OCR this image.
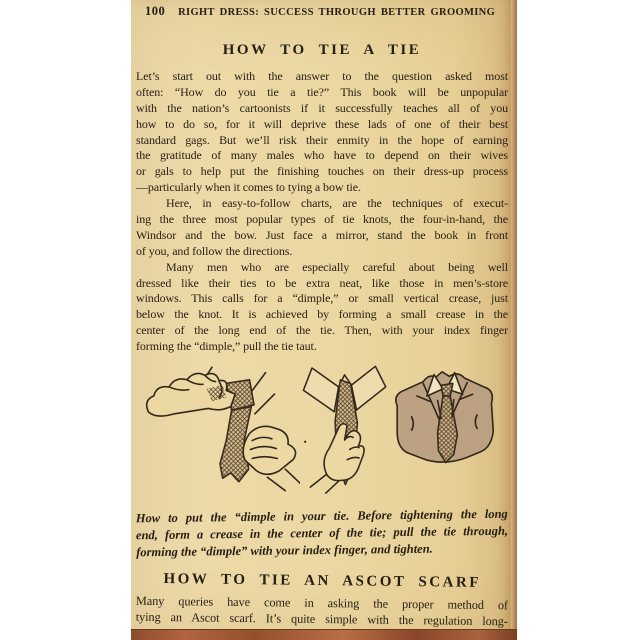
100	RIGHT DRESS: SUCCESS THROUGH BETTER GROOMING
HOW TO TIE A TIE
Let’s start out with the answer to the question asked most
often: “How do you tie a tie?” This book will be unpopular
with the nation’s cartoonists if it successfully teaches all of you
how to do so, for it will deprive these lads of one of their best
standard gags. But we’ll risk their enmity in the hope of earning
the gratitude of many males who have to depend on their wives
or gals to help put the finishing touches on their dress-up process
—particularly when it comes to tying a bow tie.
Here, in easy-to-follow charts, are the techniques of execut-
ing the three most popular types of tie knots, the four-in-hand, the
Windsor and the bow. Just face a mirror, stand the book in front
of you, and follow the directions.
Many men who are especially careful about being well
dressed like their ties to be extra neat, like those in men’s-store
windows. This calls for a “dimple,” or small vertical crease, just
below the knot. It is achieved by forming a small crease in the
center of the long end of the tie. Then, with your index finger
forming the “dimple,” pull the tie taut.
How to put the “dimple in your tie. Before tightening the long
end, form a crease in the center of the tie; pull the tie through,
forming the “dimple” with your index finger, and tighten.
HOW TO TIE AN ASCOT SCARF
Many queries have come in asking the proper method of
tying an Ascot scarf. It’s quite simple with the regulation long-
